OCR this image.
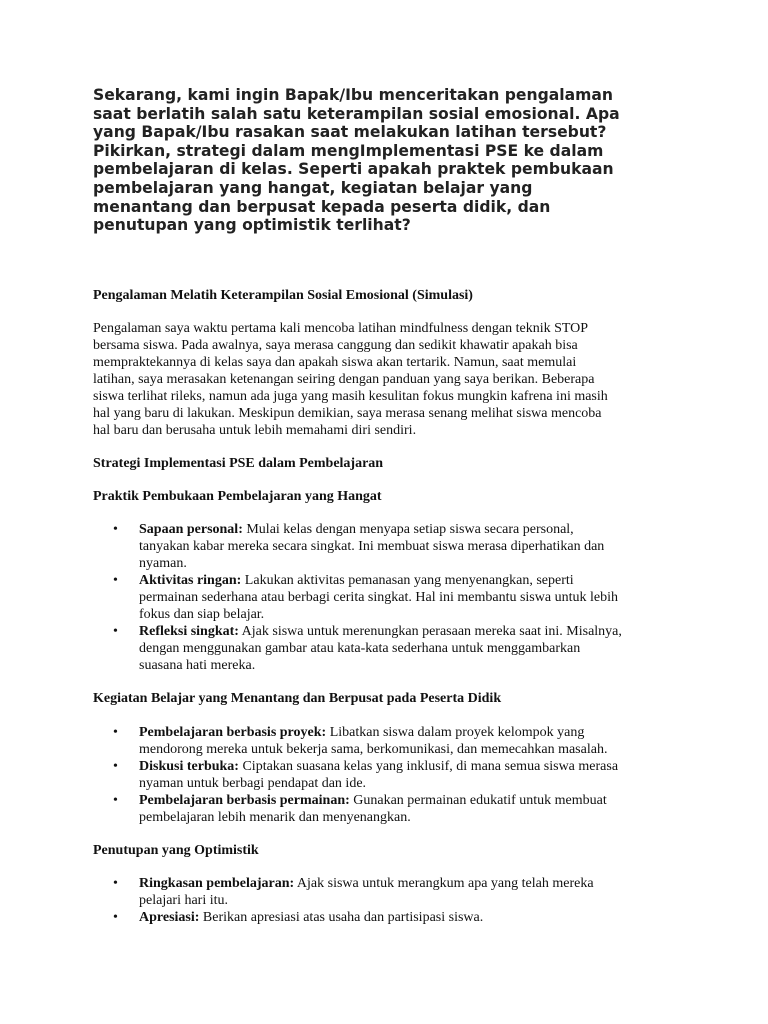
Sekarang, kami ingin Bapak/Ibu menceritakan pengalaman
saat berlatih salah satu keterampilan sosial emosional. Apa
yang Bapak/Ibu rasakan saat melakukan latihan tersebut?
Pikirkan, strategi dalam mengImplementasi PSE ke dalam
pembelajaran di kelas. Seperti apakah praktek pembukaan
pembelajaran yang hangat, kegiatan belajar yang
menantang dan berpusat kepada peserta didik, dan
penutupan yang optimistik terlihat?

Pengalaman Melatih Keterampilan Sosial Emosional (Simulasi)

Pengalaman saya waktu pertama kali mencoba latihan mindfulness dengan teknik STOP
bersama siswa. Pada awalnya, saya merasa canggung dan sedikit khawatir apakah bisa
mempraktekannya di kelas saya dan apakah siswa akan tertarik. Namun, saat memulai
latihan, saya merasakan ketenangan seiring dengan panduan yang saya berikan. Beberapa
siswa terlihat rileks, namun ada juga yang masih kesulitan fokus mungkin kafrena ini masih
hal yang baru di lakukan. Meskipun demikian, saya merasa senang melihat siswa mencoba
hal baru dan berusaha untuk lebih memahami diri sendiri.

Strategi Implementasi PSE dalam Pembelajaran

Praktik Pembukaan Pembelajaran yang Hangat

• Sapaan personal: Mulai kelas dengan menyapa setiap siswa secara personal,
tanyakan kabar mereka secara singkat. Ini membuat siswa merasa diperhatikan dan
nyaman.
• Aktivitas ringan: Lakukan aktivitas pemanasan yang menyenangkan, seperti
permainan sederhana atau berbagi cerita singkat. Hal ini membantu siswa untuk lebih
fokus dan siap belajar.
• Refleksi singkat: Ajak siswa untuk merenungkan perasaan mereka saat ini. Misalnya,
dengan menggunakan gambar atau kata-kata sederhana untuk menggambarkan
suasana hati mereka.

Kegiatan Belajar yang Menantang dan Berpusat pada Peserta Didik

• Pembelajaran berbasis proyek: Libatkan siswa dalam proyek kelompok yang
mendorong mereka untuk bekerja sama, berkomunikasi, dan memecahkan masalah.
• Diskusi terbuka: Ciptakan suasana kelas yang inklusif, di mana semua siswa merasa
nyaman untuk berbagi pendapat dan ide.
• Pembelajaran berbasis permainan: Gunakan permainan edukatif untuk membuat
pembelajaran lebih menarik dan menyenangkan.

Penutupan yang Optimistik

• Ringkasan pembelajaran: Ajak siswa untuk merangkum apa yang telah mereka
pelajari hari itu.
• Apresiasi: Berikan apresiasi atas usaha dan partisipasi siswa.
